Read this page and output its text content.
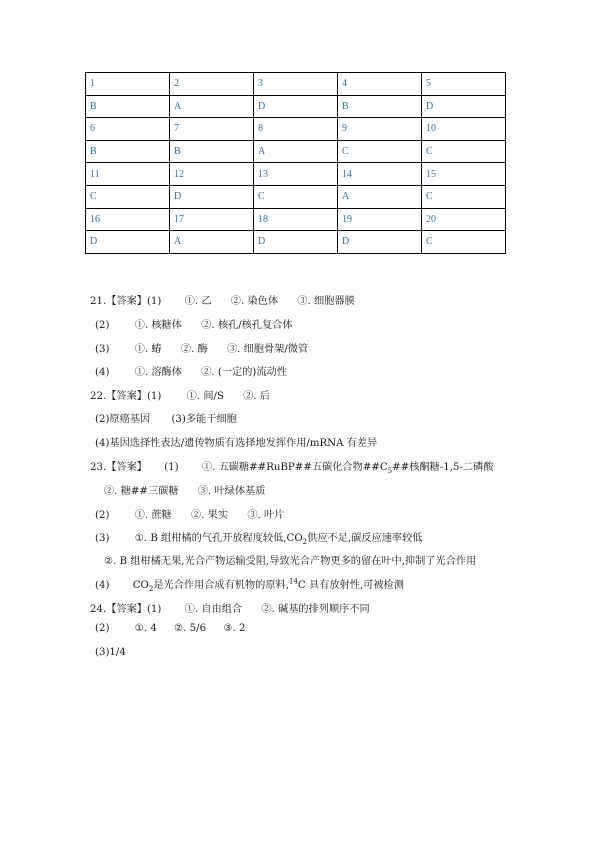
1	2	3	4	5
B	A	D	B	D
6	7	8	9	10
B	B	A	C	C
11	12	13	14	15
C	D	C	A	C
16	17	18	19	20
D	A	D	D	C
21.【答案】(1) ①. 乙 ②. 染色体 ③. 细胞器膜
(2) ①. 核糖体 ②. 核孔/核孔复合体
(3) ①. 蝽 ②. 酶 ③. 细胞骨架/微管
(4) ①. 溶酶体 ②. (一定的)流动性
22.【答案】(1) ①. 间/S ②. 后
(2)原癌基因 (3)多能干细胞
(4)基因选择性表达/遗传物质有选择地发挥作用/mRNA 有差异
23.【答案】 (1) ①. 五碳糖##RuBP##五碳化合物$\#\#C_5\#\#$核酮糖-1,5-二磷酸
②. 糖##三碳糖 ③. 叶绿体基质
(2) ①. 蔗糖 ②. 果实 ③. 叶片
(3) ①. B 组柑橘的气孔开放程度较低$,CO_2$供应不足,碳反应速率较低
②. B 组柑橘无果,光合产物运输受阻,导致光合产物更多的留在叶中,抑制了光合作用
(4) $CO_2$是光合作用合成有机物的原料,$^{14}$C 具有放射性,可被检测
24.【答案】(1) ①. 自由组合 ②. 碱基的排列顺序不同
(2) ①. 4 ②. 5/6 ③. 2
(3)1/4
